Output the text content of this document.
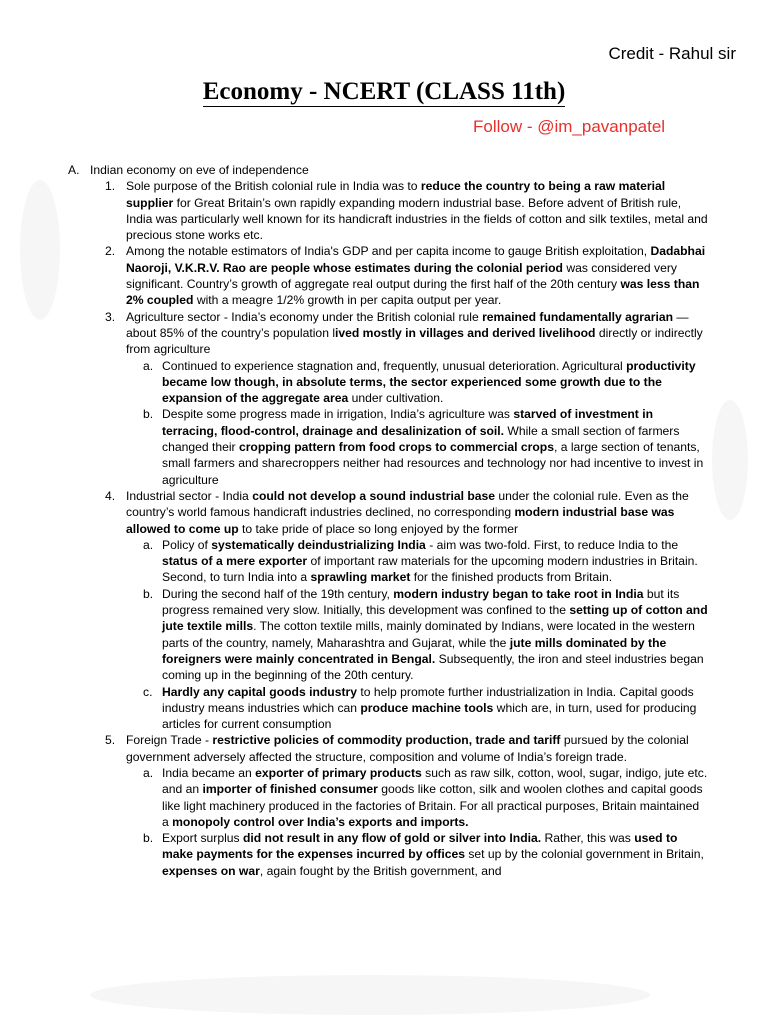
Credit - Rahul sir
Economy - NCERT (CLASS 11th)
Follow - @im_pavanpatel
A. Indian economy on eve of independence
1. Sole purpose of the British colonial rule in India was to reduce the country to being a raw material supplier for Great Britain’s own rapidly expanding modern industrial base. Before advent of British rule, India was particularly well known for its handicraft industries in the fields of cotton and silk textiles, metal and precious stone works etc.
2. Among the notable estimators of India's GDP and per capita income to gauge British exploitation, Dadabhai Naoroji, V.K.R.V. Rao are people whose estimates during the colonial period was considered very significant. Country’s growth of aggregate real output during the first half of the 20th century was less than 2% coupled with a meagre 1/2% growth in per capita output per year.
3. Agriculture sector - India’s economy under the British colonial rule remained fundamentally agrarian — about 85% of the country’s population lived mostly in villages and derived livelihood directly or indirectly from agriculture
a. Continued to experience stagnation and, frequently, unusual deterioration. Agricultural productivity became low though, in absolute terms, the sector experienced some growth due to the expansion of the aggregate area under cultivation.
b. Despite some progress made in irrigation, India’s agriculture was starved of investment in terracing, flood-control, drainage and desalinization of soil. While a small section of farmers changed their cropping pattern from food crops to commercial crops, a large section of tenants, small farmers and sharecroppers neither had resources and technology nor had incentive to invest in agriculture
4. Industrial sector - India could not develop a sound industrial base under the colonial rule. Even as the country’s world famous handicraft industries declined, no corresponding modern industrial base was allowed to come up to take pride of place so long enjoyed by the former
a. Policy of systematically deindustrializing India - aim was two-fold. First, to reduce India to the status of a mere exporter of important raw materials for the upcoming modern industries in Britain. Second, to turn India into a sprawling market for the finished products from Britain.
b. During the second half of the 19th century, modern industry began to take root in India but its progress remained very slow. Initially, this development was confined to the setting up of cotton and jute textile mills. The cotton textile mills, mainly dominated by Indians, were located in the western parts of the country, namely, Maharashtra and Gujarat, while the jute mills dominated by the foreigners were mainly concentrated in Bengal. Subsequently, the iron and steel industries began coming up in the beginning of the 20th century.
c. Hardly any capital goods industry to help promote further industrialization in India. Capital goods industry means industries which can produce machine tools which are, in turn, used for producing articles for current consumption
5. Foreign Trade - restrictive policies of commodity production, trade and tariff pursued by the colonial government adversely affected the structure, composition and volume of India’s foreign trade.
a. India became an exporter of primary products such as raw silk, cotton, wool, sugar, indigo, jute etc. and an importer of finished consumer goods like cotton, silk and woolen clothes and capital goods like light machinery produced in the factories of Britain. For all practical purposes, Britain maintained a monopoly control over India’s exports and imports.
b. Export surplus did not result in any flow of gold or silver into India. Rather, this was used to make payments for the expenses incurred by offices set up by the colonial government in Britain, expenses on war, again fought by the British government, and
